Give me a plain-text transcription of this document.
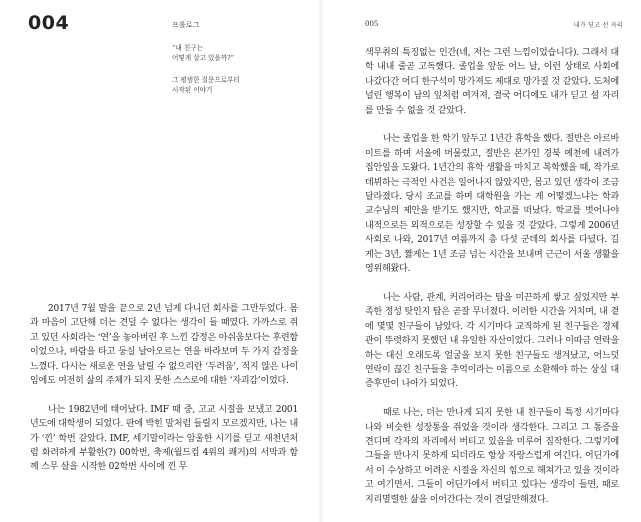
004	프롤로그
“내 친구는
어떻게 살고 있을까?”
그 평범한 질문으로부터
시작된 이야기

2017년 7월 말을 끝으로 2년 넘게 다니던 회사를 그만두었다. 몸과 마음이 고단해 더는 견딜 수 없다는 생각이 들 때였다. 가까스로 쥐고 있던 사회라는 ‘연’을 놓아버린 후 느낀 감정은 아쉬움보다는 후련함이었으나, 바람을 타고 둥실 날아오르는 연을 바라보며 두 가지 감정을 느꼈다. 다시는 새로운 연을 날릴 수 없으리란 ‘두려움’, 적지 않은 나이임에도 여전히 삶의 주체가 되지 못한 스스로에 대한 ‘자괴감’이었다.

나는 1982년에 태어났다. IMF 때 중, 고교 시절을 보냈고 2001년도에 대학생이 되었다. 판에 박힌 말처럼 들릴지 모르겠지만, 나는 내가 ‘낀’ 학번 같았다. IMF, 세기말이라는 암울한 시기를 딛고 새천년처럼 화려하게 부활한(?) 00학번, 축제(월드컵 4위의 쾌거)의 서막과 함께 스무 살을 시작한 02학번 사이에 낀 무

005	내가 딛고 선 자리

색무취의 특징없는 인간(네, 저는 그런 느낌이었습니다). 그래서 대학 내내 줄곧 고독했다. 졸업을 앞둔 어느 날, 이런 상태로 사회에 나갔다간 어디 한구석이 망가져도 제대로 망가질 것 같았다. 도처에 널린 행복이 남의 잎처럼 여겨져, 결국 어디에도 내가 딛고 설 자리를 만들 수 없을 것 같았다.

나는 졸업을 한 학기 앞두고 1년간 휴학을 했다. 절반은 아르바이트를 하며 서울에 머물렀고, 절반은 본가인 경북 예천에 내려가 집안일을 도왔다. 1년간의 휴학 생활을 마치고 복학했을 때, 작가로 데뷔하는 극적인 사건은 일어나지 않았지만, 몸고 있던 생각이 조금 달라졌다. 당시 조교를 하며 대학원을 가는 게 어떻겠느냐는 학과 교수님의 제안을 받기도 했지만, 학교를 떠났다. 학교를 벗어나야 내적으로든 외적으로든 성장할 수 있을 것 같았다. 그렇게 2006년 사회로 나와, 2017년 여름까지 총 다섯 군데의 회사를 다녔다. 길게는 3년, 짧게는 1년 조금 넘는 시간을 보내며 근근이 서울 생활을 영위해왔다.

나는 사람, 관계, 커리어라는 탑을 미끈하게 쌓고 싶었지만 부족한 정성 탓인지 탑은 곧잘 무너졌다. 이러한 시간을 거치며, 내 곁에 몇몇 친구들이 남았다. 각 시기마다 교직하게 된 친구들은 경제관이 뚜렷하지 못했던 내 유일한 자산이었다. 그러나 이따금 연락을 하는 대신 오래도록 얼굴을 보지 못한 친구들도 생겨났고, 어느덧 연락이 끊긴 친구들을 추억이라는 이름으로 소환해야 하는 상실 대 증후만이 나아가 되었다.

때로 나는, 더는 만나게 되지 못한 내 친구들이 특정 시기마다 나와 비슷한 성장통을 쥐었을 것이라 생각한다. 그리고 그 통증을 견디며 각자의 자리에서 버티고 있음을 미루어 짐작한다. 그렇기에 그들을 만나지 못하게 되더라도 항상 자랑스럽게 여긴다. 어딘가에서 이 수상하고 어려운 시절을 자신의 힘으로 헤쳐가고 있을 것이라고 여기면서. 그들이 어딘가에서 버티고 있다는 생각이 들면, 때로 지리멸렬한 삶을 이어간다는 것이 견딜만해졌다.
